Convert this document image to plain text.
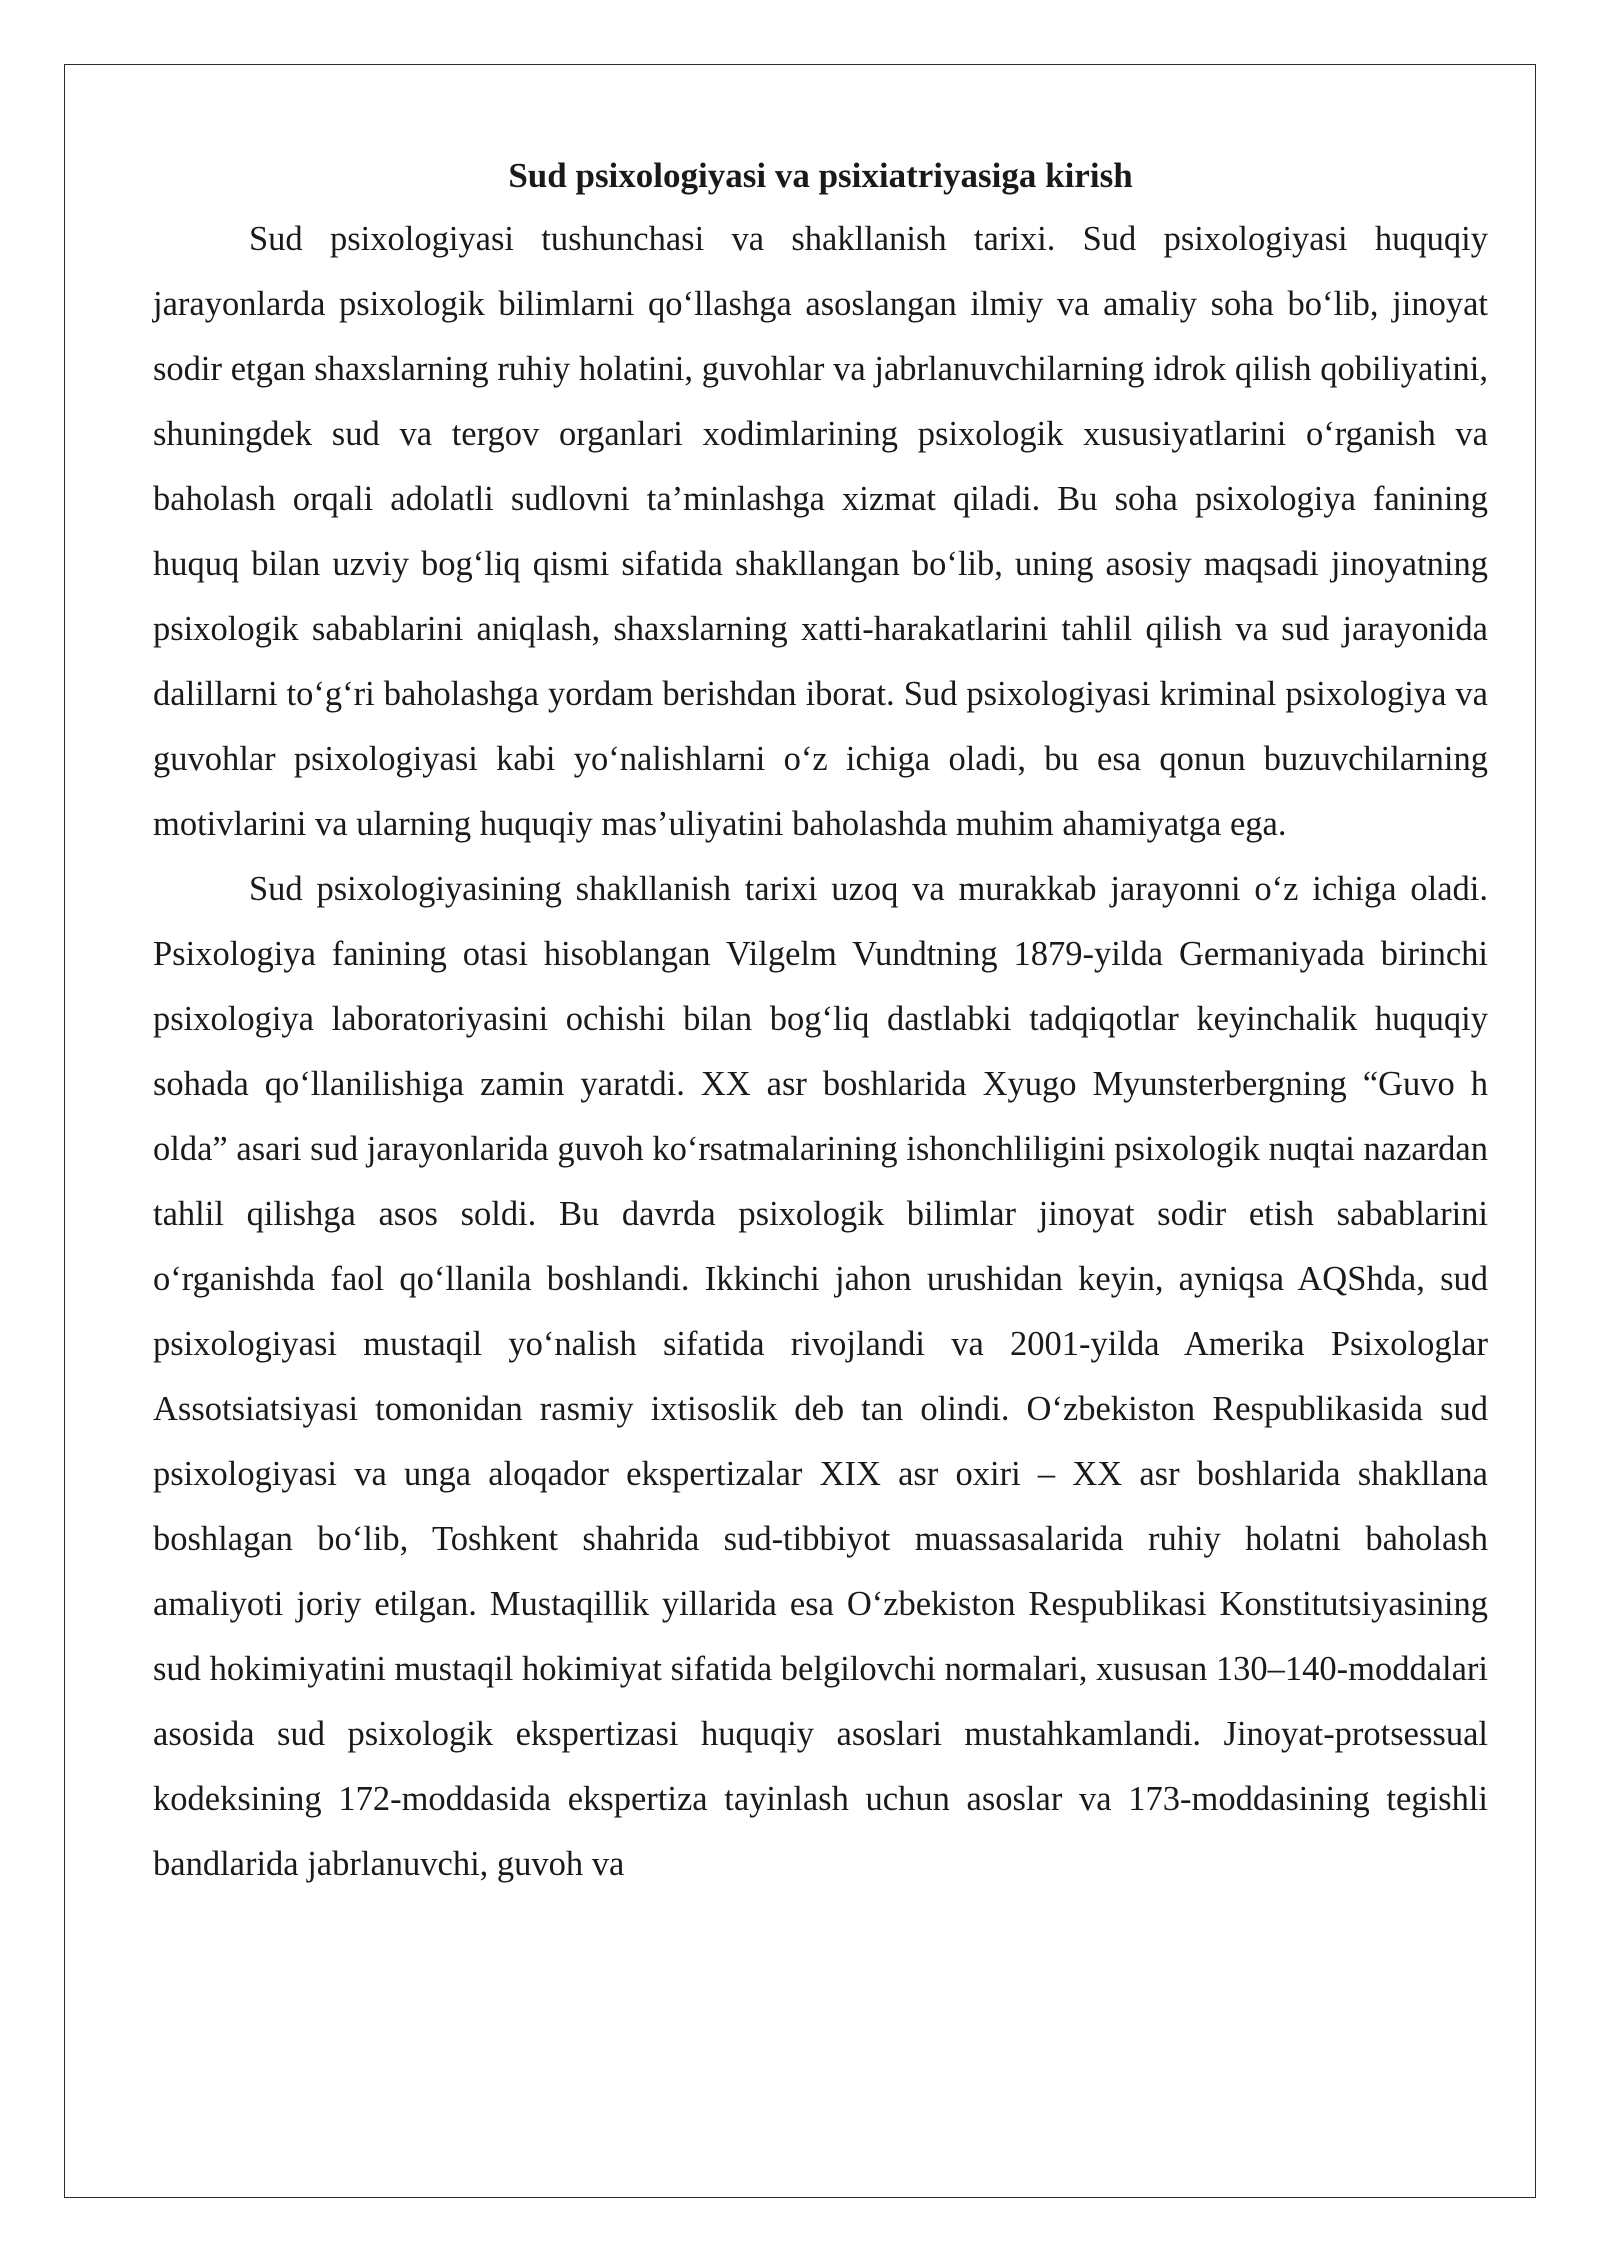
Sud psixologiyasi va psixiatriyasiga kirish

Sud psixologiyasi tushunchasi va shakllanish tarixi. Sud psixologiyasi huquqiy jarayonlarda psixologik bilimlarni qo‘llashga asoslangan ilmiy va amaliy soha bo‘lib, jinoyat sodir etgan shaxslarning ruhiy holatini, guvohlar va jabrlanuvchilarning idrok qilish qobiliyatini, shuningdek sud va tergov organlari xodimlarining psixologik xususiyatlarini o‘rganish va baholash orqali adolatli sudlovni ta’minlashga xizmat qiladi. Bu soha psixologiya fanining huquq bilan uzviy bog‘liq qismi sifatida shakllangan bo‘lib, uning asosiy maqsadi jinoyatning psixologik sabablarini aniqlash, shaxslarning xatti-harakatlarini tahlil qilish va sud jarayonida dalillarni to‘g‘ri baholashga yordam berishdan iborat. Sud psixologiyasi kriminal psixologiya va guvohlar psixologiyasi kabi yo‘nalishlarni o‘z ichiga oladi, bu esa qonun buzuvchilarning motivlarini va ularning huquqiy mas’uliyatini baholashda muhim ahamiyatga ega.

Sud psixologiyasining shakllanish tarixi uzoq va murakkab jarayonni o‘z ichiga oladi. Psixologiya fanining otasi hisoblangan Vilgelm Vundtning 1879-yilda Germaniyada birinchi psixologiya laboratoriyasini ochishi bilan bog‘liq dastlabki tadqiqotlar keyinchalik huquqiy sohada qo‘llanilishiga zamin yaratdi. XX asr boshlarida Xyugo Myunsterbergning “Guvo h olda” asari sud jarayonlarida guvoh ko‘rsatmalarining ishonchliligini psixologik nuqtai nazardan tahlil qilishga asos soldi. Bu davrda psixologik bilimlar jinoyat sodir etish sabablarini o‘rganishda faol qo‘llanila boshlandi. Ikkinchi jahon urushidan keyin, ayniqsa AQShda, sud psixologiyasi mustaqil yo‘nalish sifatida rivojlandi va 2001-yilda Amerika Psixologlar Assotsiatsiyasi tomonidan rasmiy ixtisoslik deb tan olindi. O‘zbekiston Respublikasida sud psixologiyasi va unga aloqador ekspertizalar XIX asr oxiri – XX asr boshlarida shakllana boshlagan bo‘lib, Toshkent shahrida sud-tibbiyot muassasalarida ruhiy holatni baholash amaliyoti joriy etilgan. Mustaqillik yillarida esa O‘zbekiston Respublikasi Konstitutsiyasining sud hokimiyatini mustaqil hokimiyat sifatida belgilovchi normalari, xususan 130–140-moddalari asosida sud psixologik ekspertizasi huquqiy asoslari mustahkamlandi. Jinoyat-protsessual kodeksining 172-moddasida ekspertiza tayinlash uchun asoslar va 173-moddasining tegishli bandlarida jabrlanuvchi, guvoh va
